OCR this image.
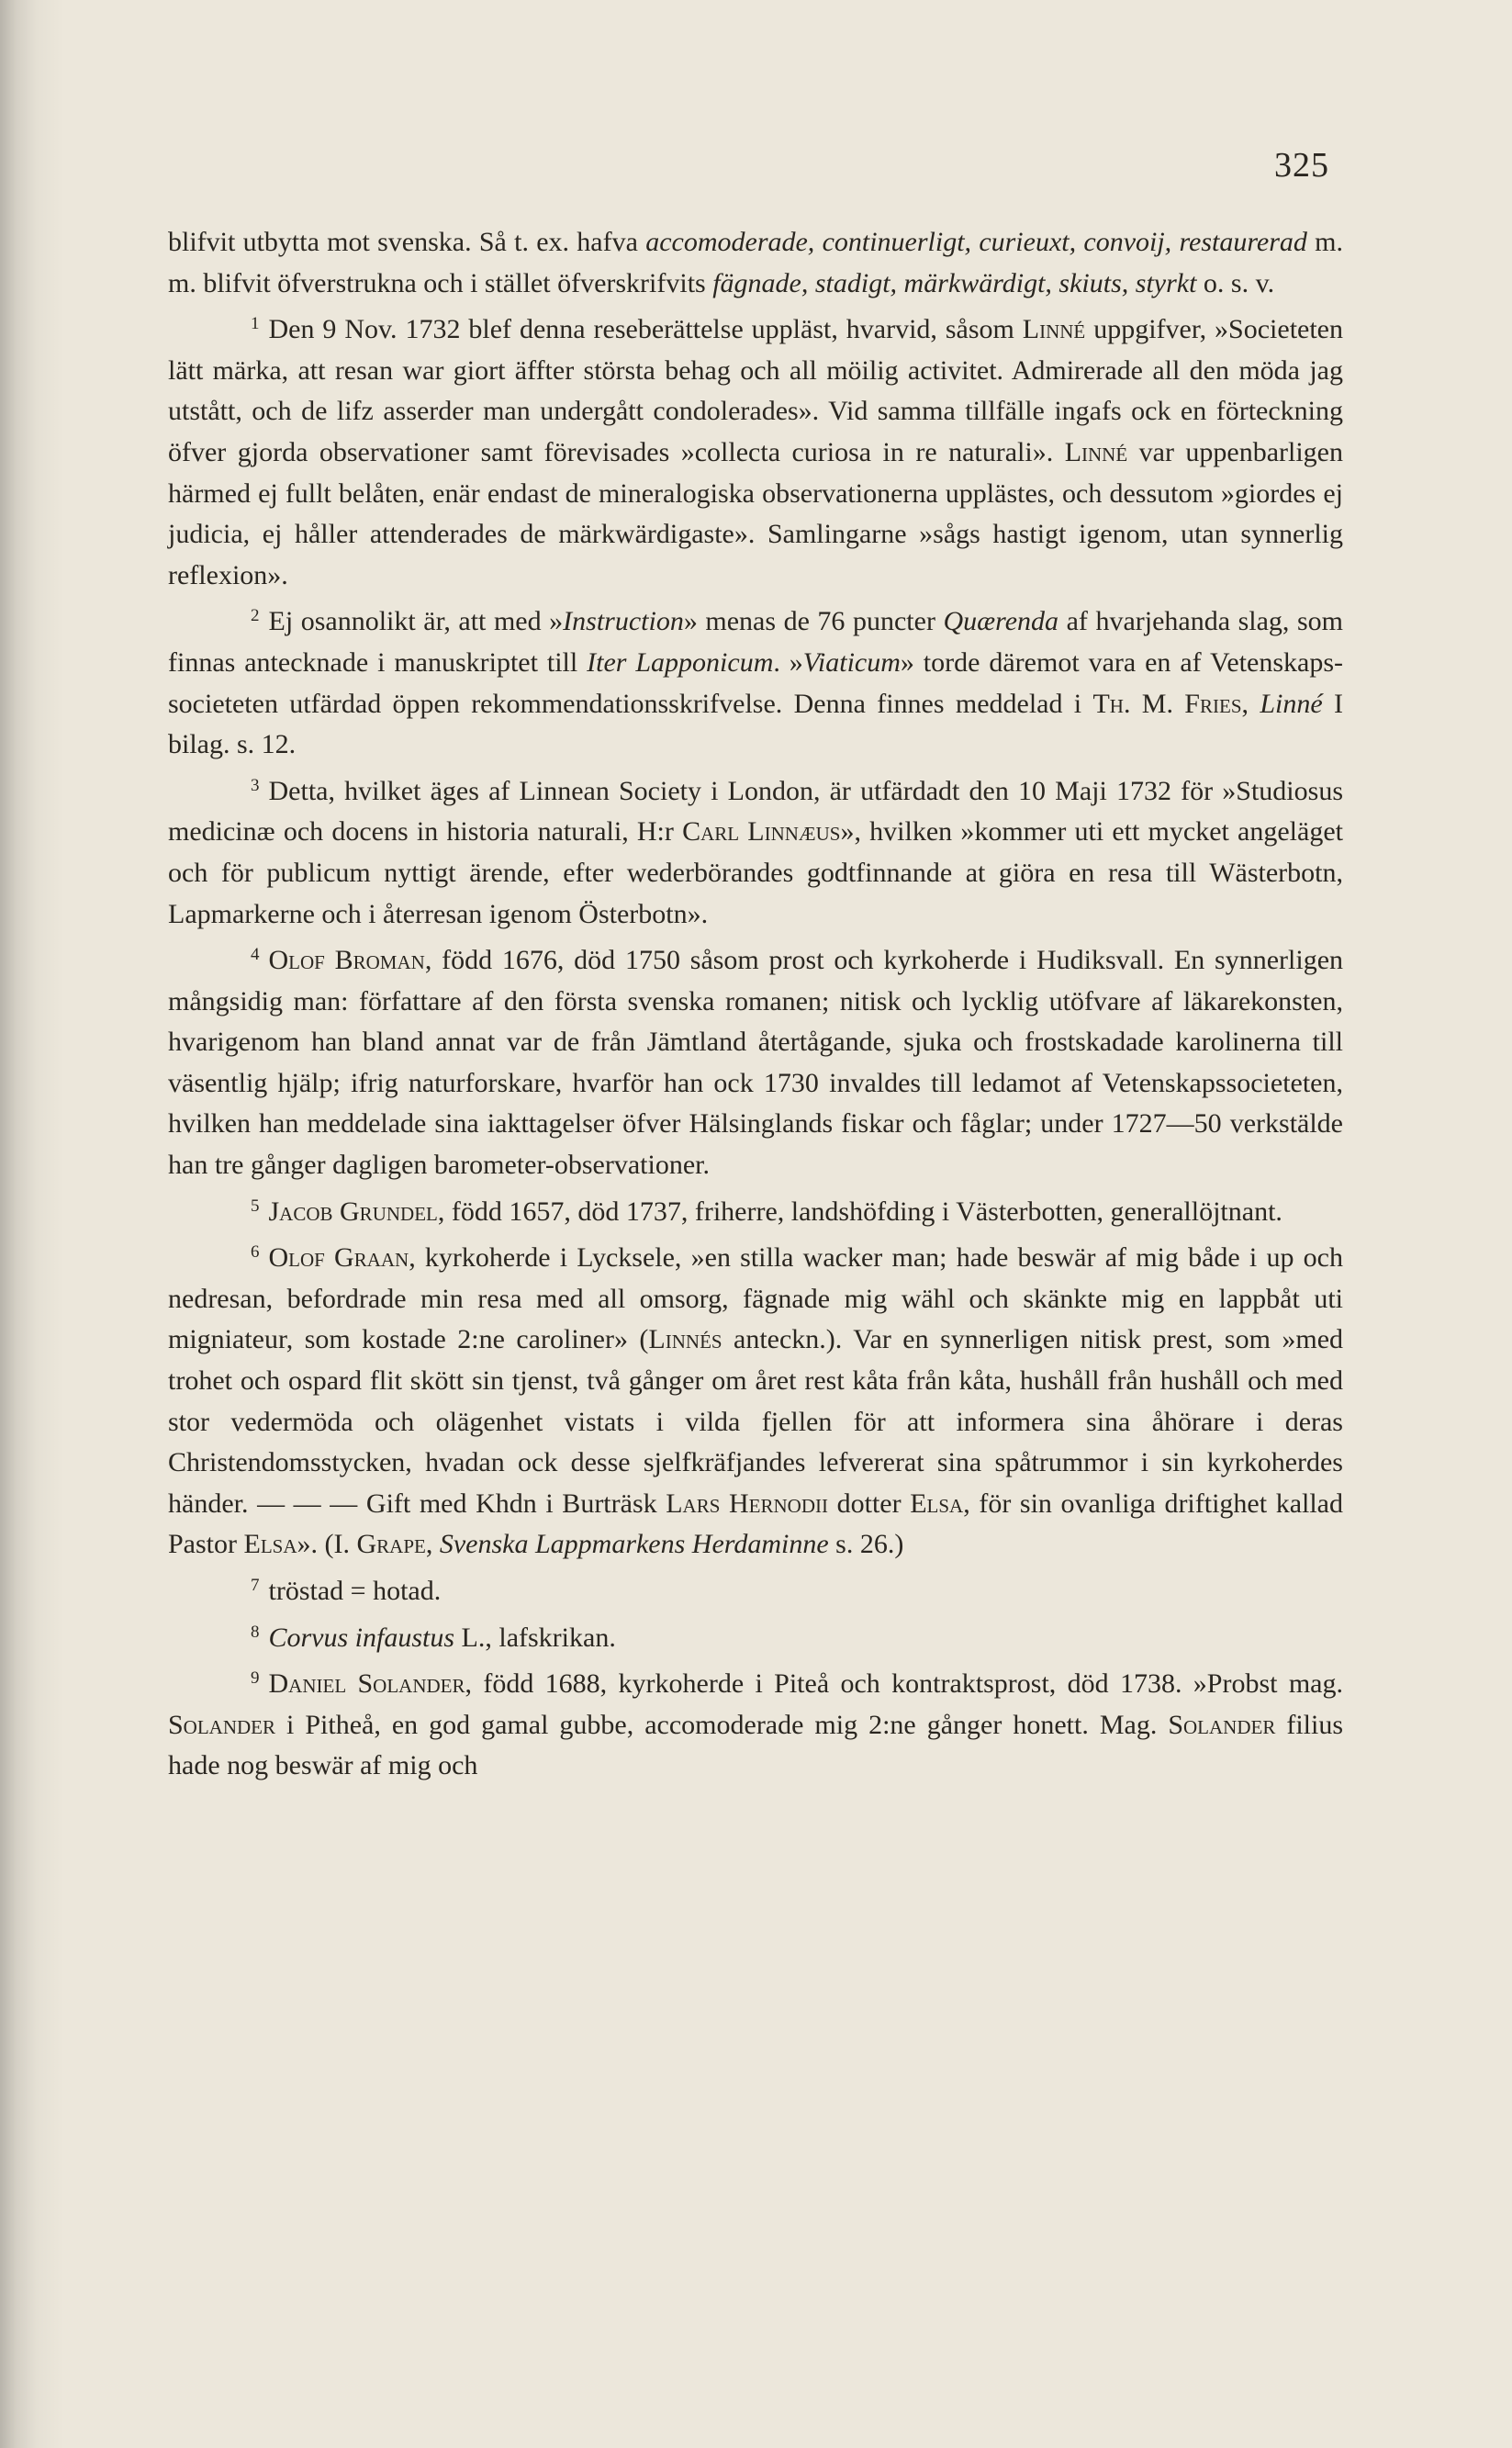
325

blifvit utbytta mot svenska. Så t. ex. hafva accomoderade, continuerligt, curieuxt, convoij, restaurerad m. m. blifvit öfverstrukna och i stället öfverskrifvits fägnade, stadigt, märkwärdigt, skiuts, styrkt o. s. v.

$^1$ Den 9 Nov. 1732 blef denna reseberättelse uppläst, hvarvid, såsom Linné uppgifver, »Societeten lätt märka, att resan war giort äffter största behag och all möilig activitet. Admirerade all den möda jag utstått, och de lifz asserder man undergått condolerades». Vid samma tillfälle ingafs ock en förteckning öfver gjorda observationer samt förevisades »collecta curiosa in re naturali». Linné var uppenbarligen härmed ej fullt belåten, enär endast de mineralogiska observationerna upplästes, och dessutom »giordes ej judicia, ej håller attenderades de märkwärdigaste». Samlingarne »sågs hastigt igenom, utan synnerlig reflexion».

$^2$ Ej osannolikt är, att med »Instruction» menas de 76 puncter Quærenda af hvarjehanda slag, som finnas antecknade i manuskriptet till Iter Lapponicum. »Viaticum» torde däremot vara en af Vetenskaps-societeten utfärdad öppen rekommendationsskrifvelse. Denna finnes meddelad i Th. M. Fries, Linné I bilag. s. 12.

$^3$ Detta, hvilket äges af Linnean Society i London, är utfärdadt den 10 Maji 1732 för »Studiosus medicinæ och docens in historia naturali, H:r Carl Linnæus», hvilken »kommer uti ett mycket angeläget och för publicum nyttigt ärende, efter wederbörandes godtfinnande at giöra en resa till Wästerbotn, Lapmarkerne och i återresan igenom Österbotn».

$^4$ Olof Broman, född 1676, död 1750 såsom prost och kyrkoherde i Hudiksvall. En synnerligen mångsidig man: författare af den första svenska romanen; nitisk och lycklig utöfvare af läkarekonsten, hvarigenom han bland annat var de från Jämtland återtågande, sjuka och frostskadade karolinerna till väsentlig hjälp; ifrig naturforskare, hvarför han ock 1730 invaldes till ledamot af Vetenskapssocieteten, hvilken han meddelade sina iakttagelser öfver Hälsinglands fiskar och fåglar; under 1727—50 verkstälde han tre gånger dagligen barometer-observationer.

$^5$ Jacob Grundel, född 1657, död 1737, friherre, landshöfding i Västerbotten, generallöjtnant.

$^6$ Olof Graan, kyrkoherde i Lycksele, »en stilla wacker man; hade beswär af mig både i up och nedresan, befordrade min resa med all omsorg, fägnade mig wähl och skänkte mig en lappbåt uti migniateur, som kostade 2:ne caroliner» (Linnés anteckn.). Var en synnerligen nitisk prest, som »med trohet och ospard flit skött sin tjenst, två gånger om året rest kåta från kåta, hushåll från hushåll och med stor vedermöda och olägenhet vistats i vilda fjellen för att informera sina åhörare i deras Christendomsstycken, hvadan ock desse sjelfkräfjandes lefvererat sina spåtrummor i sin kyrkoherdes händer. — — — Gift med Khdn i Burträsk Lars Hernodii dotter Elsa, för sin ovanliga driftighet kallad Pastor Elsa». (I. Grape, Svenska Lappmarkens Herdaminne s. 26.)

$^7$ tröstad = hotad.

$^8$ Corvus infaustus L., lafskrikan.

$^9$ Daniel Solander, född 1688, kyrkoherde i Piteå och kontraktsprost, död 1738. »Probst mag. Solander i Pitheå, en god gamal gubbe, accomoderade mig 2:ne gånger honett. Mag. Solander filius hade nog beswär af mig och
